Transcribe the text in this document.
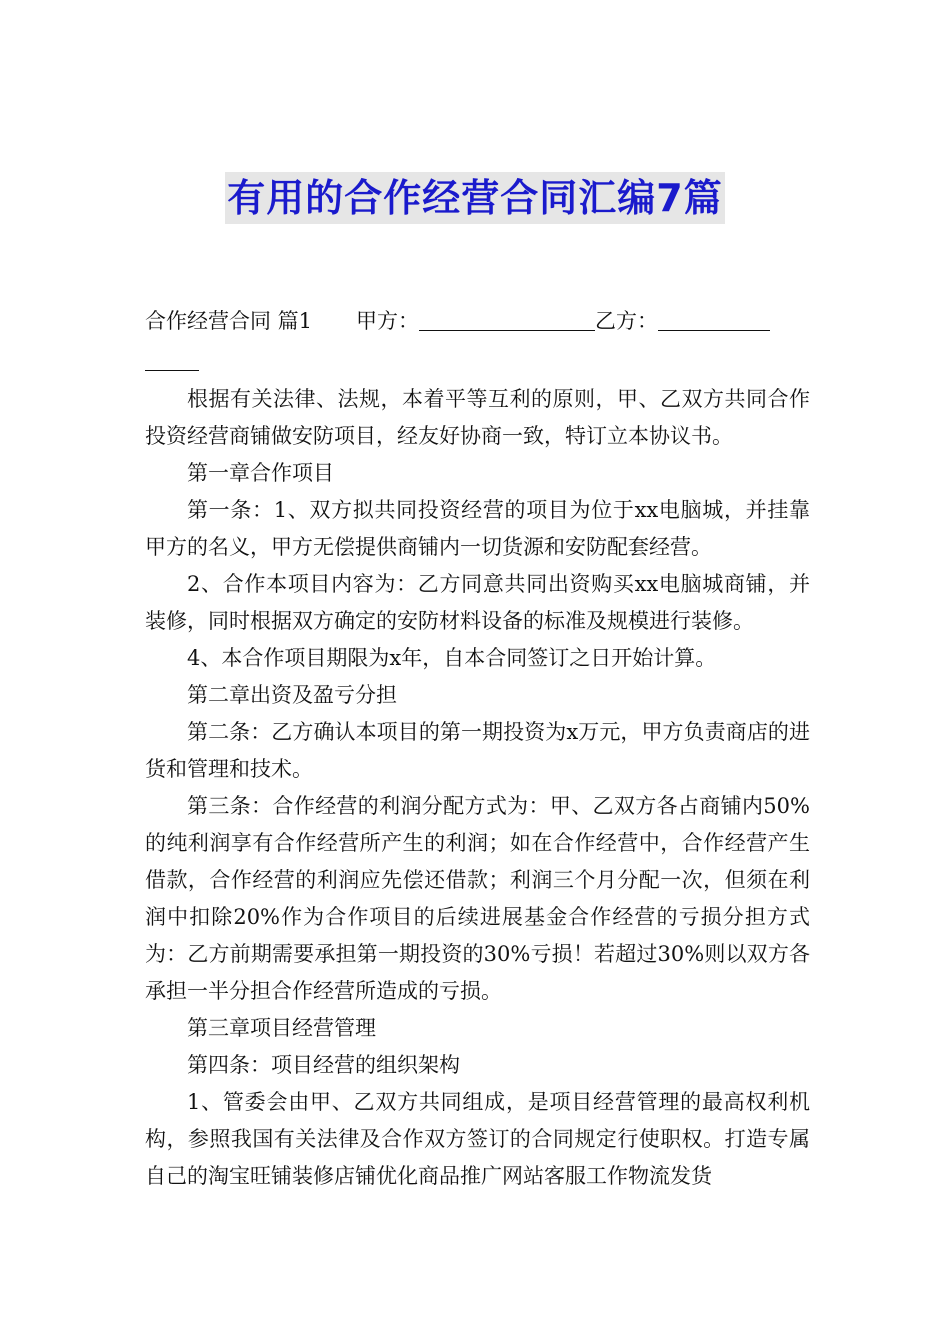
有用的合作经营合同汇编7篇
合作经营合同 篇1 甲方：	乙方：

根据有关法律、法规，本着平等互利的原则，甲、乙双方共同合作投资经营商铺做安防项目，经友好协商一致，特订立本协议书。

第一章合作项目

第一条：1、双方拟共同投资经营的项目为位于xx电脑城，并挂靠甲方的名义，甲方无偿提供商铺内一切货源和安防配套经营。

2、合作本项目内容为：乙方同意共同出资购买xx电脑城商铺，并装修，同时根据双方确定的安防材料设备的标准及规模进行装修。

4、本合作项目期限为x年，自本合同签订之日开始计算。

第二章出资及盈亏分担

第二条：乙方确认本项目的第一期投资为x万元，甲方负责商店的进货和管理和技术。

第三条：合作经营的利润分配方式为：甲、乙双方各占商铺内50%的纯利润享有合作经营所产生的利润；如在合作经营中，合作经营产生借款，合作经营的利润应先偿还借款；利润三个月分配一次，但须在利润中扣除20%作为合作项目的后续进展基金合作经营的亏损分担方式为：乙方前期需要承担第一期投资的30%亏损！若超过30%则以双方各承担一半分担合作经营所造成的亏损。

第三章项目经营管理

第四条：项目经营的组织架构

1、管委会由甲、乙双方共同组成，是项目经营管理的最高权利机构，参照我国有关法律及合作双方签订的合同规定行使职权。打造专属自己的淘宝旺铺装修店铺优化商品推广网站客服工作物流发货
